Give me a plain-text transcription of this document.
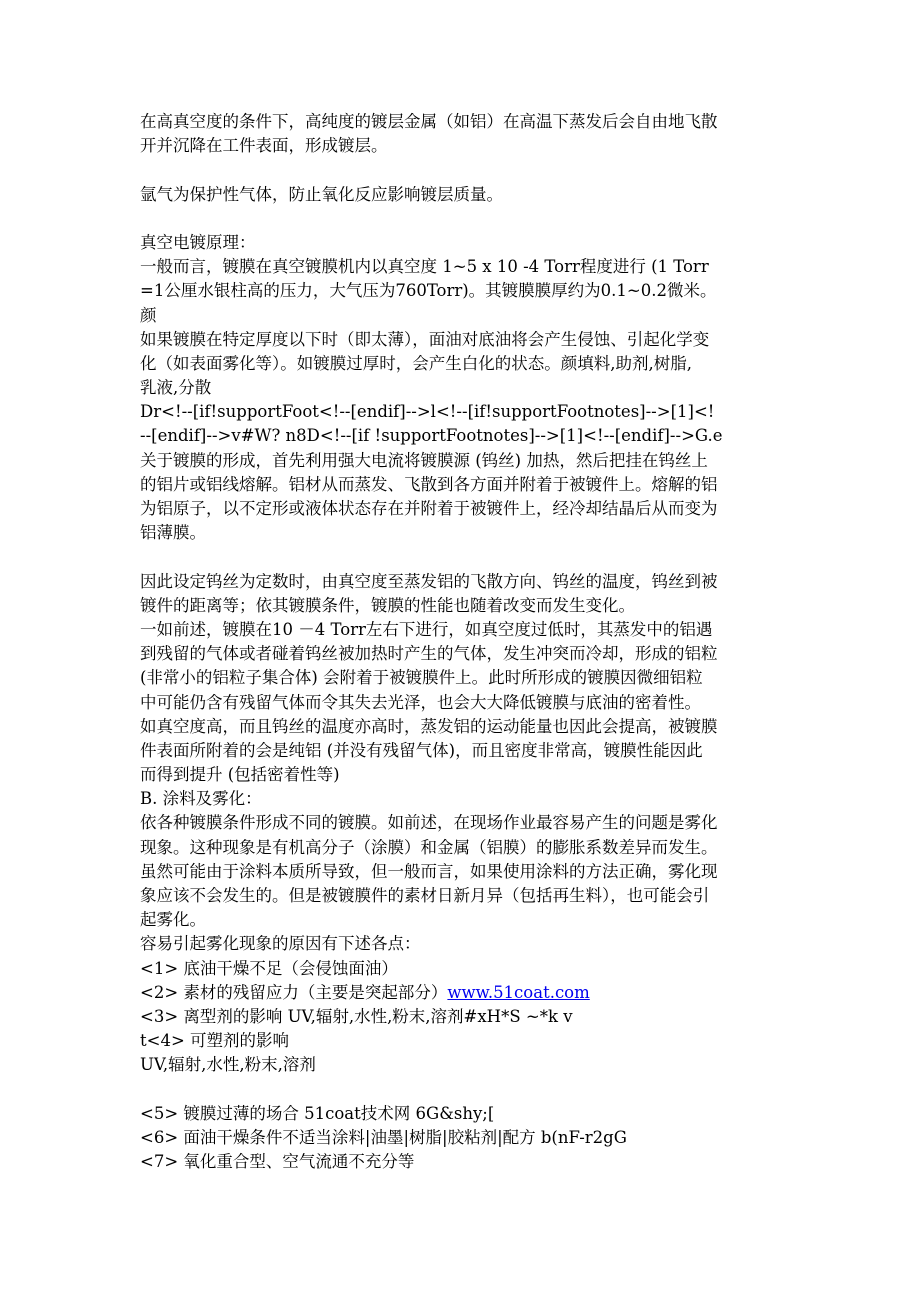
在高真空度的条件下，高纯度的镀层金属（如铝）在高温下蒸发后会自由地飞散
开并沉降在工件表面，形成镀层。
氩气为保护性气体，防止氧化反应影响镀层质量。
真空电镀原理：
一般而言，镀膜在真空镀膜机内以真空度 1~5 x 10 -4 Torr程度进行 (1 Torr
=1公厘水银柱高的压力，大气压为760Torr)。其镀膜膜厚约为0.1~0.2微米。
颜
如果镀膜在特定厚度以下时（即太薄），面油对底油将会产生侵蚀、引起化学变
化（如表面雾化等）。如镀膜过厚时，会产生白化的状态。颜填料,助剂,树脂,
乳液,分散
Dr<!--[if!supportFoot<!--[endif]-->l<!--[if!supportFootnotes]-->[1]<!
--[endif]-->v#W? n8D<!--[if !supportFootnotes]-->[1]<!--[endif]-->G.e
关于镀膜的形成，首先利用强大电流将镀膜源 (钨丝) 加热，然后把挂在钨丝上
的铝片或铝线熔解。铝材从而蒸发、飞散到各方面并附着于被镀件上。熔解的铝
为铝原子，以不定形或液体状态存在并附着于被镀件上，经冷却结晶后从而变为
铝薄膜。
因此设定钨丝为定数时，由真空度至蒸发铝的飞散方向、钨丝的温度，钨丝到被
镀件的距离等；依其镀膜条件，镀膜的性能也随着改变而发生变化。
一如前述，镀膜在10 －4 Torr左右下进行，如真空度过低时，其蒸发中的铝遇
到残留的气体或者碰着钨丝被加热时产生的气体，发生冲突而冷却，形成的铝粒
(非常小的铝粒子集合体) 会附着于被镀膜件上。此时所形成的镀膜因微细铝粒
中可能仍含有残留气体而令其失去光泽，也会大大降低镀膜与底油的密着性。
如真空度高，而且钨丝的温度亦高时，蒸发铝的运动能量也因此会提高，被镀膜
件表面所附着的会是纯铝 (并没有残留气体)，而且密度非常高，镀膜性能因此
而得到提升 (包括密着性等)
B. 涂料及雾化：
依各种镀膜条件形成不同的镀膜。如前述，在现场作业最容易产生的问题是雾化
现象。这种现象是有机高分子（涂膜）和金属（铝膜）的膨胀系数差异而发生。
虽然可能由于涂料本质所导致，但一般而言，如果使用涂料的方法正确，雾化现
象应该不会发生的。但是被镀膜件的素材日新月异（包括再生料），也可能会引
起雾化。
容易引起雾化现象的原因有下述各点：
<1> 底油干燥不足（会侵蚀面油）
<2> 素材的残留应力（主要是突起部分）www.51coat.com
<3> 离型剂的影响 UV,辐射,水性,粉末,溶剂#xH*S ~*k v
t<4> 可塑剂的影响
UV,辐射,水性,粉末,溶剂
<5> 镀膜过薄的场合 51coat技术网 6G&shy;[
<6> 面油干燥条件不适当涂料|油墨|树脂|胶粘剂|配方 b(nF-r2gG
<7> 氧化重合型、空气流通不充分等
